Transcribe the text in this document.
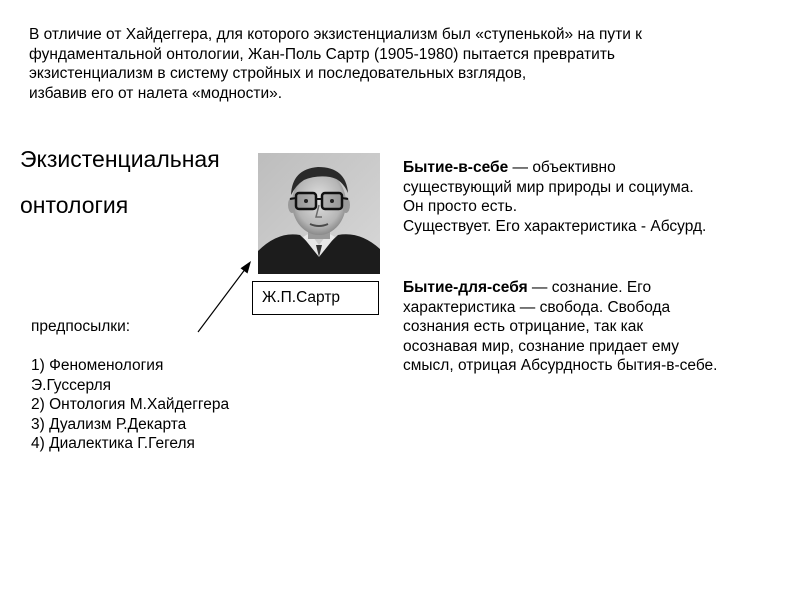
В отличие от Хайдеггера, для которого экзистенциализм был «ступенькой» на пути к
фундаментальной онтологии, Жан-Поль Сартр (1905-1980) пытается превратить
экзистенциализм в систему стройных и последовательных взглядов,
избавив его от налета «модности».
Экзистенциальная
онтология
Ж.П.Сартр
предпосылки:
1) Феноменология
Э.Гуссерля
2) Онтология М.Хайдеггера
3) Дуализм Р.Декарта
4) Диалектика Г.Гегеля
Бытие-в-себе — объективно
существующий мир природы и социума.
Он просто есть.
Существует. Его характеристика - Абсурд.
Бытие-для-себя — сознание. Его
характеристика — свобода. Свобода
сознания есть отрицание, так как
осознавая мир, сознание придает ему
смысл, отрицая Абсурдность бытия-в-себе.
